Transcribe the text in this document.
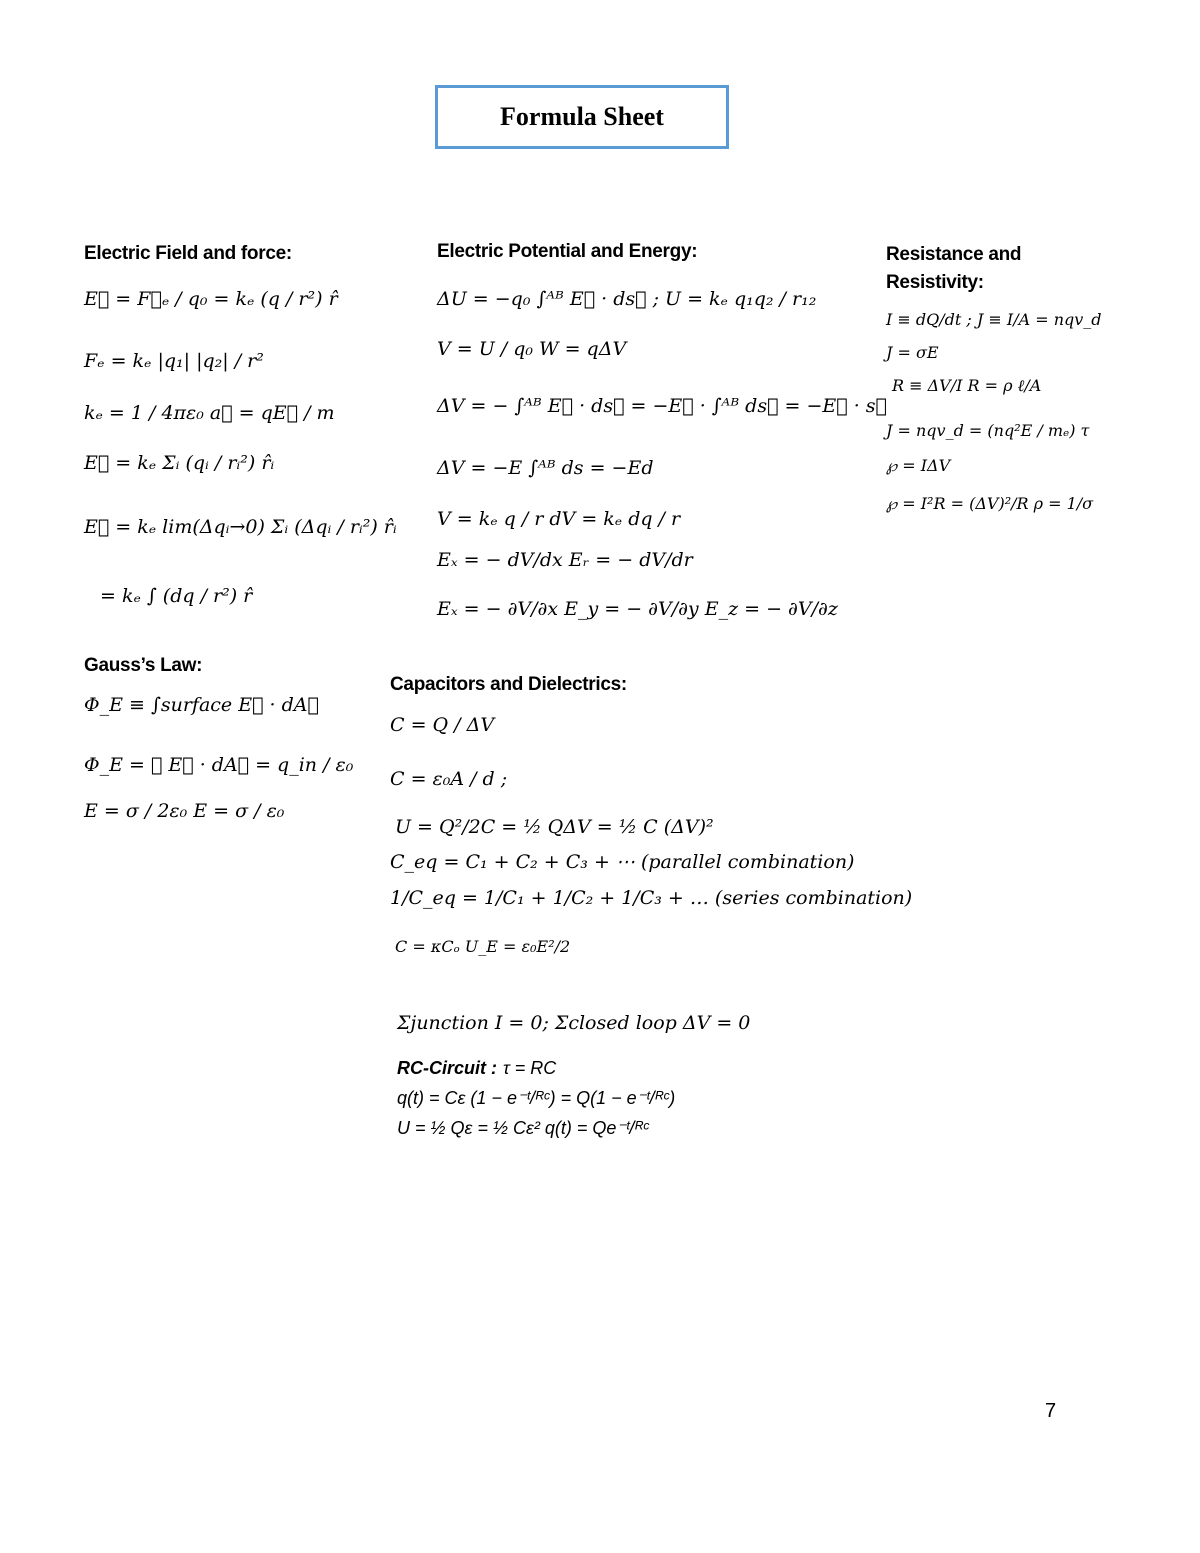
Formula Sheet
Electric Field and force:
E⃗ = F⃗ₑ / q₀ = kₑ (q / r²) r̂
Fₑ = kₑ |q₁| |q₂| / r²
kₑ = 1 / 4πε₀ a⃗ = qE⃗ / m
E⃗ = kₑ Σᵢ (qᵢ / rᵢ²) r̂ᵢ
E⃗ = kₑ lim(Δqᵢ→0) Σᵢ (Δqᵢ / rᵢ²) r̂ᵢ
= kₑ ∫ (dq / r²) r̂
Gauss’s Law:
Φ_E ≡ ∫surface E⃗ · dA⃗
Φ_E = ∮ E⃗ · dA⃗ = q_in / ε₀
E = σ / 2ε₀ E = σ / ε₀
Electric Potential and Energy:
ΔU = −q₀ ∫ᴬᴮ E⃗ · ds⃗ ; U = kₑ q₁q₂ / r₁₂
V = U / q₀ W = qΔV
ΔV = − ∫ᴬᴮ E⃗ · ds⃗ = −E⃗ · ∫ᴬᴮ ds⃗ = −E⃗ · s⃗
ΔV = −E ∫ᴬᴮ ds = −Ed
V = kₑ q / r dV = kₑ dq / r
Eₓ = − dV/dx Eᵣ = − dV/dr
Eₓ = − ∂V/∂x E_y = − ∂V/∂y E_z = − ∂V/∂z
Resistance and Resistivity:
I ≡ dQ/dt ; J ≡ I/A = nqv_d
J = σE
R ≡ ΔV/I R = ρ ℓ/A
J = nqv_d = (nq²E / mₑ) τ
℘ = IΔV
℘ = I²R = (ΔV)²/R ρ = 1/σ
Capacitors and Dielectrics:
C = Q / ΔV
C = ε₀A / d ;
U = Q²/2C = ½ QΔV = ½ C (ΔV)²
C_eq = C₁ + C₂ + C₃ + ⋯ (parallel combination)
1/C_eq = 1/C₁ + 1/C₂ + 1/C₃ + … (series combination)
C = κCₒ U_E = ε₀E²/2
Σjunction I = 0; Σclosed loop ΔV = 0
RC-Circuit : τ = RC
q(t) = Cε (1 − e⁻ᵗ/ᴿᶜ) = Q(1 − e⁻ᵗ/ᴿᶜ)
U = ½ Qε = ½ Cε² q(t) = Qe⁻ᵗ/ᴿᶜ
7
